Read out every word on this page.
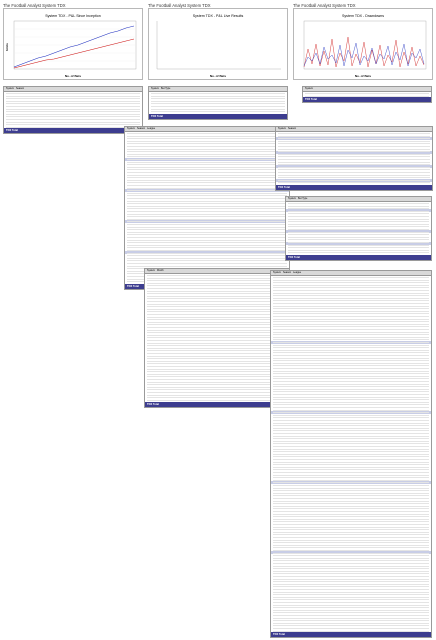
The Football Analyst System TDX	The Football Analyst System TDX	The Football Analyst System TDX
System TDX - P&L Since Inception
No. of Bets
Units
System TDX - P&L Live Results
No. of Bets
System TDX - Drawdowns
No. of Bets
System Season
TDX Total
System Bet Type
TDX Total
System
TDX Total
System Season League
TDX Total
System Season
TDX Total
System Bet Type
TDX Total
System Month
TDX Total
System Season League
TDX Total
